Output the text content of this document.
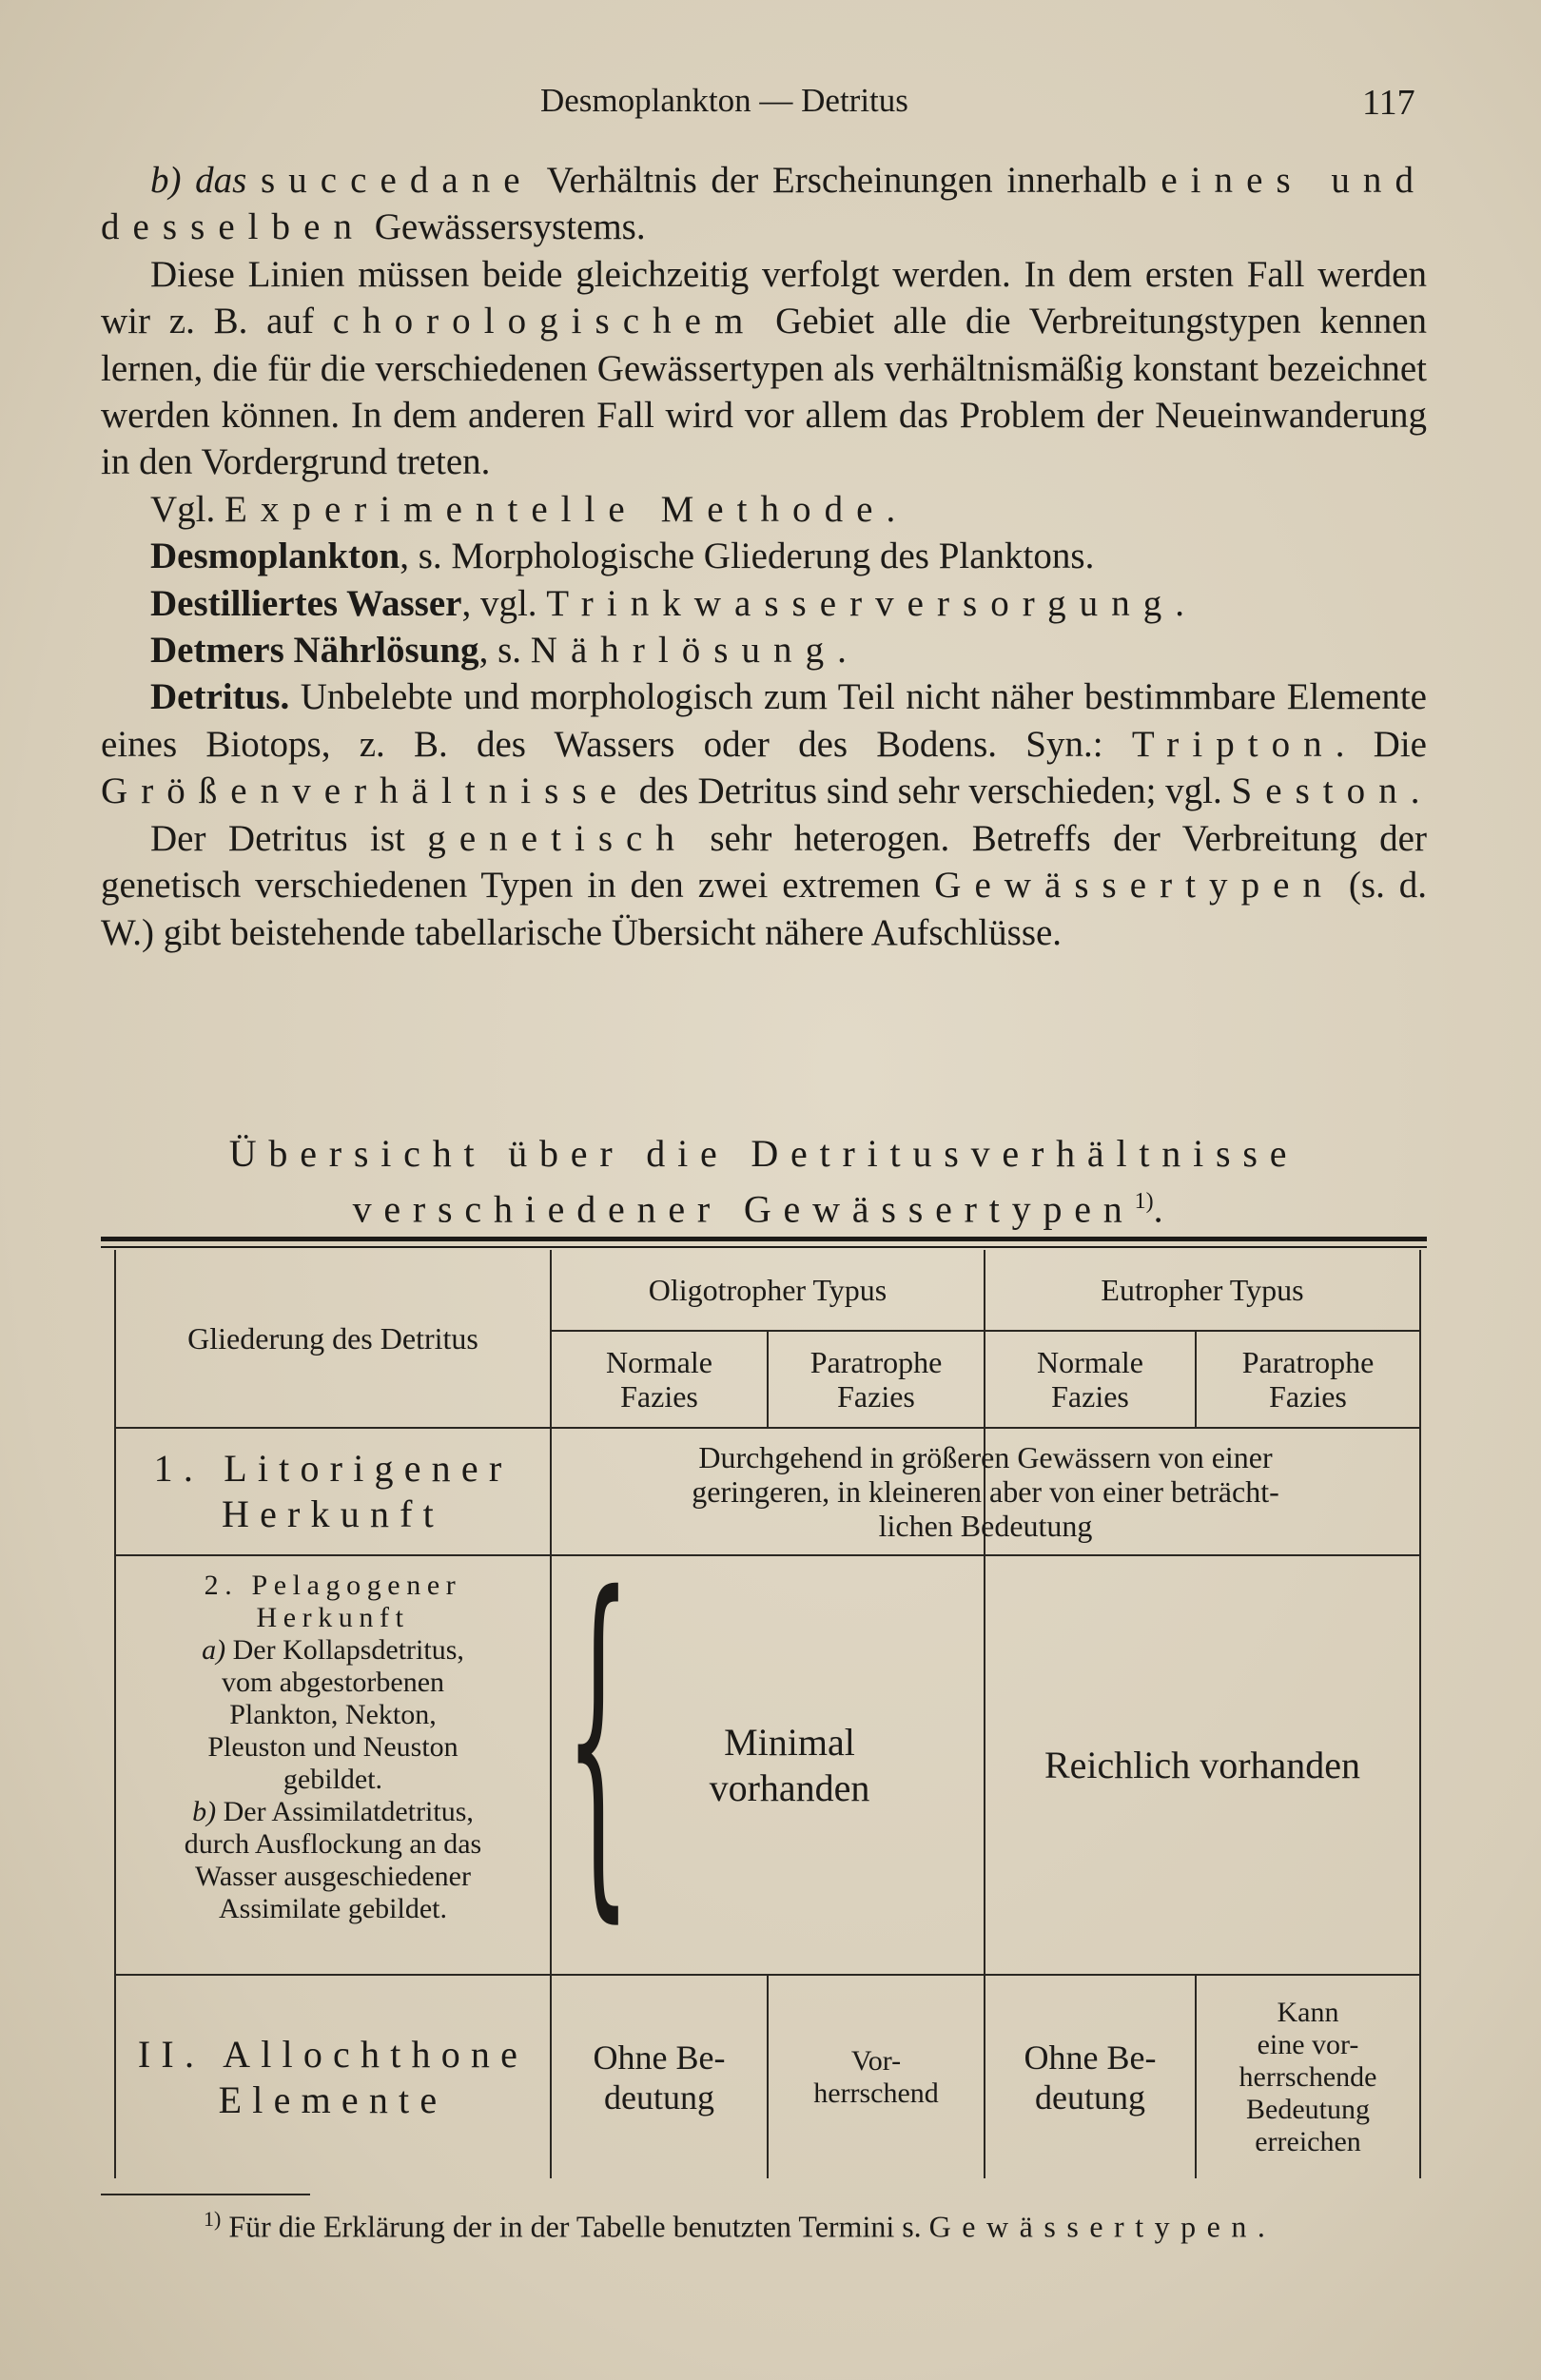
Desmoplankton — Detritus	117

b) das succedane Verhältnis der Erscheinungen innerhalb eines und desselben Gewässersystems.

Diese Linien müssen beide gleichzeitig verfolgt werden. In dem ersten Fall werden wir z. B. auf chorologischem Gebiet alle die Verbreitungstypen kennen lernen, die für die verschiedenen Gewässertypen als verhältnismäßig konstant bezeichnet werden können. In dem anderen Fall wird vor allem das Problem der Neueinwanderung in den Vordergrund treten.

Vgl. Experimentelle Methode.

Desmoplankton, s. Morphologische Gliederung des Planktons.

Destilliertes Wasser, vgl. Trinkwasserversorgung.

Detmers Nährlösung, s. Nährlösung.

Detritus. Unbelebte und morphologisch zum Teil nicht näher bestimmbare Elemente eines Biotops, z. B. des Wassers oder des Bodens. Syn.: Tripton. Die Größenverhältnisse des Detritus sind sehr verschieden; vgl. Seston.

Der Detritus ist genetisch sehr heterogen. Betreffs der Verbreitung der genetisch verschiedenen Typen in den zwei extremen Gewässertypen (s. d. W.) gibt beistehende tabellarische Übersicht nähere Aufschlüsse.

Übersicht über die Detritusverhältnisse
verschiedener Gewässertypen$^{1)}$.
Gliederung des Detritus
Oligotropher Typus	Eutropher Typus
Normale
Fazies
Paratrophe
Fazies
Normale
Fazies
Paratrophe
Fazies
1. Litorigener
Herkunft
Durchgehend in größeren Gewässern von einer
geringeren, in kleineren aber von einer beträcht-
lichen Bedeutung
2. Pelagogener
Herkunft
a) Der Kollapsdetritus,
vom abgestorbenen
Plankton, Nekton,
Pleuston und Neuston
gebildet.
b) Der Assimilatdetritus,
durch Ausflockung an das
Wasser ausgeschiedener
Assimilate gebildet. { Minimal
vorhanden
Reichlich vorhanden
II. Allochthone
Elemente
Ohne Be-
deutung
Vor-
herrschend
Ohne Be-
deutung
Kann
eine vor-
herrschende
Bedeutung
erreichen

$^{1)}$ Für die Erklärung der in der Tabelle benutzten Termini s. Gewässertypen.
